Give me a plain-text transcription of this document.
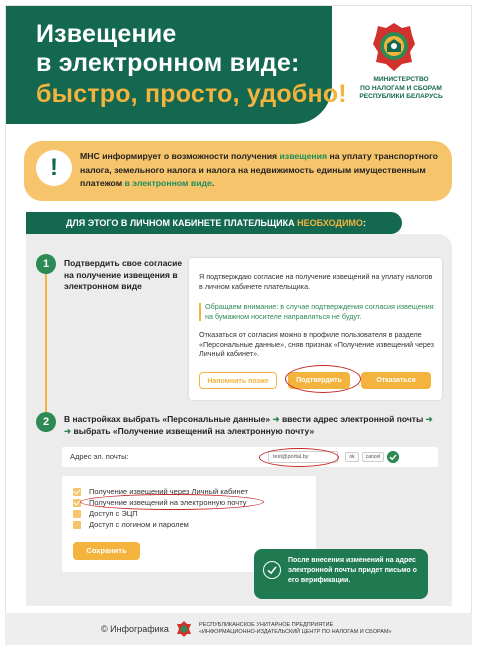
Извещение
в электронном виде:
быстро, просто, удобно!
МИНИСТЕРСТВО
ПО НАЛОГАМ И СБОРАМ
РЕСПУБЛИКИ БЕЛАРУСЬ
!	МНС информирует о возможности получения извещения на уплату транспортного налога, земельного налога и налога на недвижимость единым имущественным платежом в электронном виде.
ДЛЯ ЭТОГО В ЛИЧНОМ КАБИНЕТЕ ПЛАТЕЛЬЩИКА НЕОБХОДИМО:
1	Подтвердить свое согласие на получение извещения в электронном виде
Я подтверждаю согласие на получение извещений на уплату налогов в личном кабинете плательщика.
Обращаем внимание: в случае подтверждения согласия извещения на бумажном носителе направляться не будут.
Отказаться от согласия можно в профиле пользователя в разделе «Персональные данные», сняв признак «Получение извещений через Личный кабинет».
Напомнить позже	Подтвердить	Отказаться
2	В настройках выбрать «Персональные данные» ➜ ввести адрес электронной почты ➜
➜ выбрать «Получение извещений на электронную почту»
Адрес эл. почты:	test@portal.by	ok	cancel
Получение извещений через Личный кабинет
Получение извещений на электронную почту
Доступ с ЭЦП
Доступ с логином и паролем
Сохранить
После внесения изменений на адрес электронной почты придет письмо о его верификации.
© Инфографика	РЕСПУБЛИКАНСКОЕ УНИТАРНОЕ ПРЕДПРИЯТИЕ
«ИНФОРМАЦИОННО-ИЗДАТЕЛЬСКИЙ ЦЕНТР ПО НАЛОГАМ И СБОРАМ»
